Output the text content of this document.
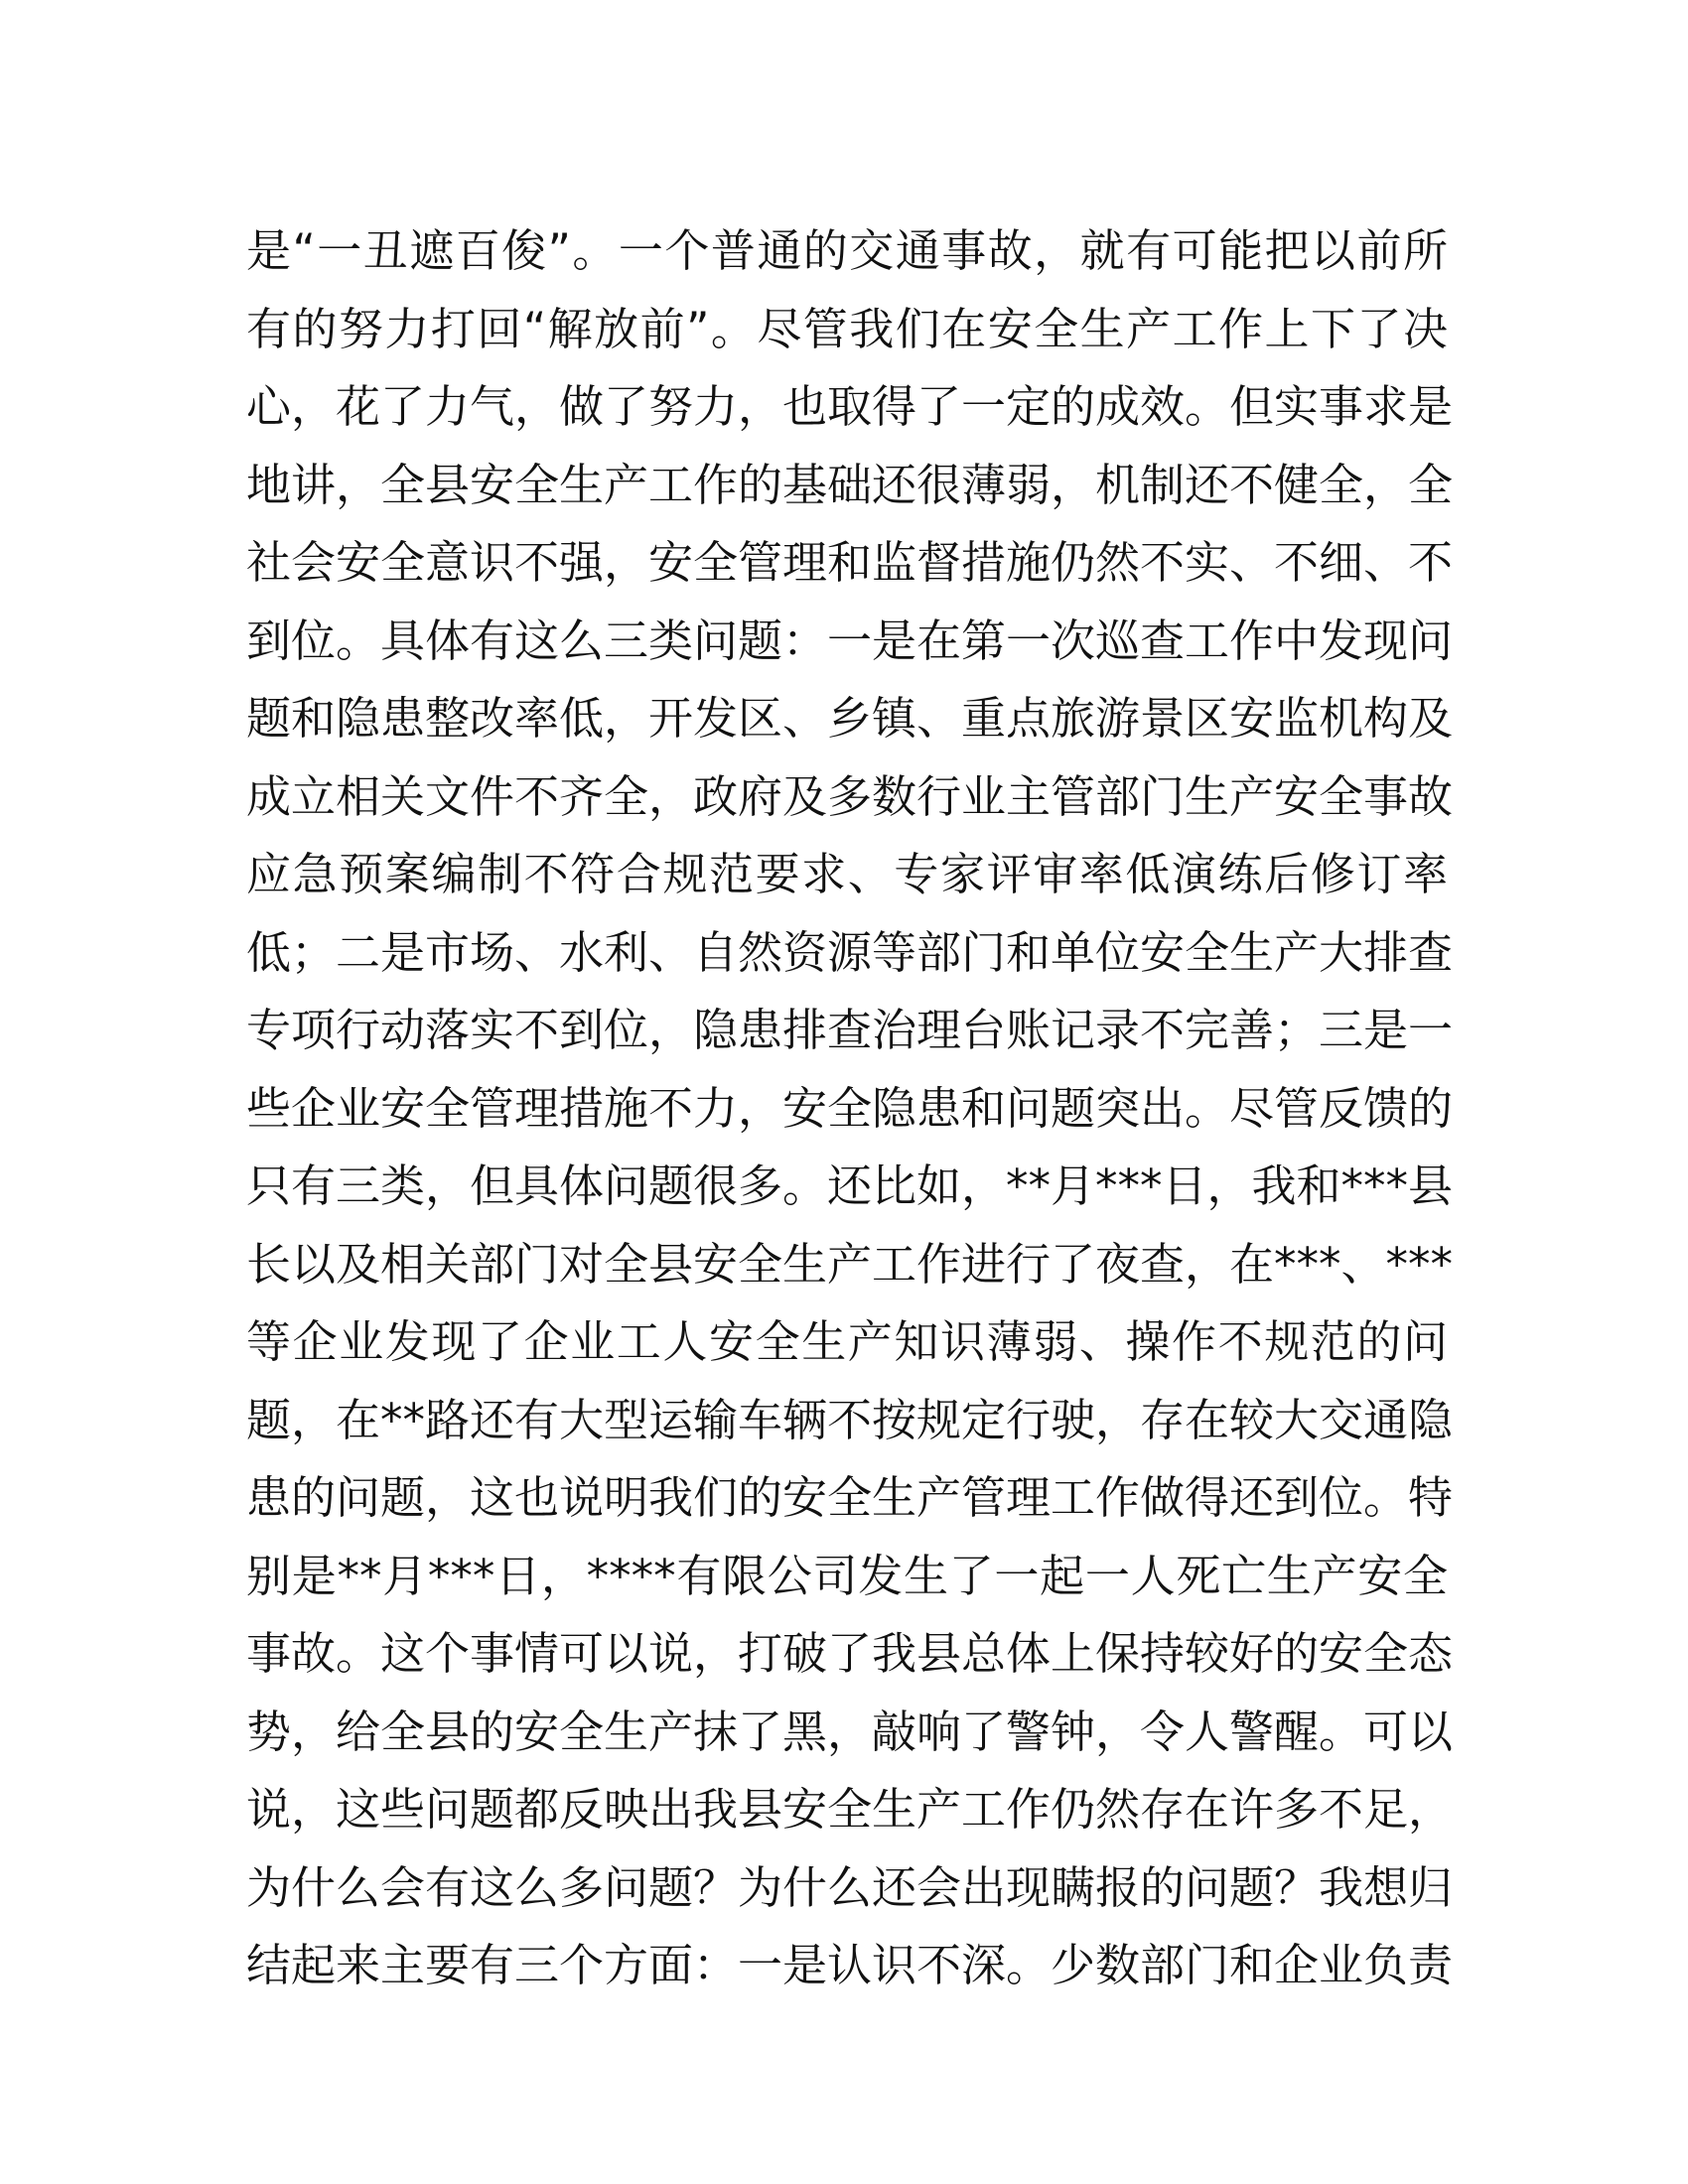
是“一丑遮百俊”。一个普通的交通事故，就有可能把以前所
有的努力打回“解放前”。尽管我们在安全生产工作上下了决
心，花了力气，做了努力，也取得了一定的成效。但实事求是
地讲，全县安全生产工作的基础还很薄弱，机制还不健全，全
社会安全意识不强，安全管理和监督措施仍然不实、不细、不
到位。具体有这么三类问题：一是在第一次巡查工作中发现问
题和隐患整改率低，开发区、乡镇、重点旅游景区安监机构及
成立相关文件不齐全，政府及多数行业主管部门生产安全事故
应急预案编制不符合规范要求、专家评审率低演练后修订率
低；二是市场、水利、自然资源等部门和单位安全生产大排查
专项行动落实不到位，隐患排查治理台账记录不完善；三是一
些企业安全管理措施不力，安全隐患和问题突出。尽管反馈的
只有三类，但具体问题很多。还比如，**月***日，我和***县
长以及相关部门对全县安全生产工作进行了夜查，在***、***
等企业发现了企业工人安全生产知识薄弱、操作不规范的问
题，在**路还有大型运输车辆不按规定行驶，存在较大交通隐
患的问题，这也说明我们的安全生产管理工作做得还到位。特
别是**月***日，****有限公司发生了一起一人死亡生产安全
事故。这个事情可以说，打破了我县总体上保持较好的安全态
势，给全县的安全生产抹了黑，敲响了警钟，令人警醒。可以
说，这些问题都反映出我县安全生产工作仍然存在许多不足，
为什么会有这么多问题？为什么还会出现瞒报的问题？我想归
结起来主要有三个方面：一是认识不深。少数部门和企业负责
